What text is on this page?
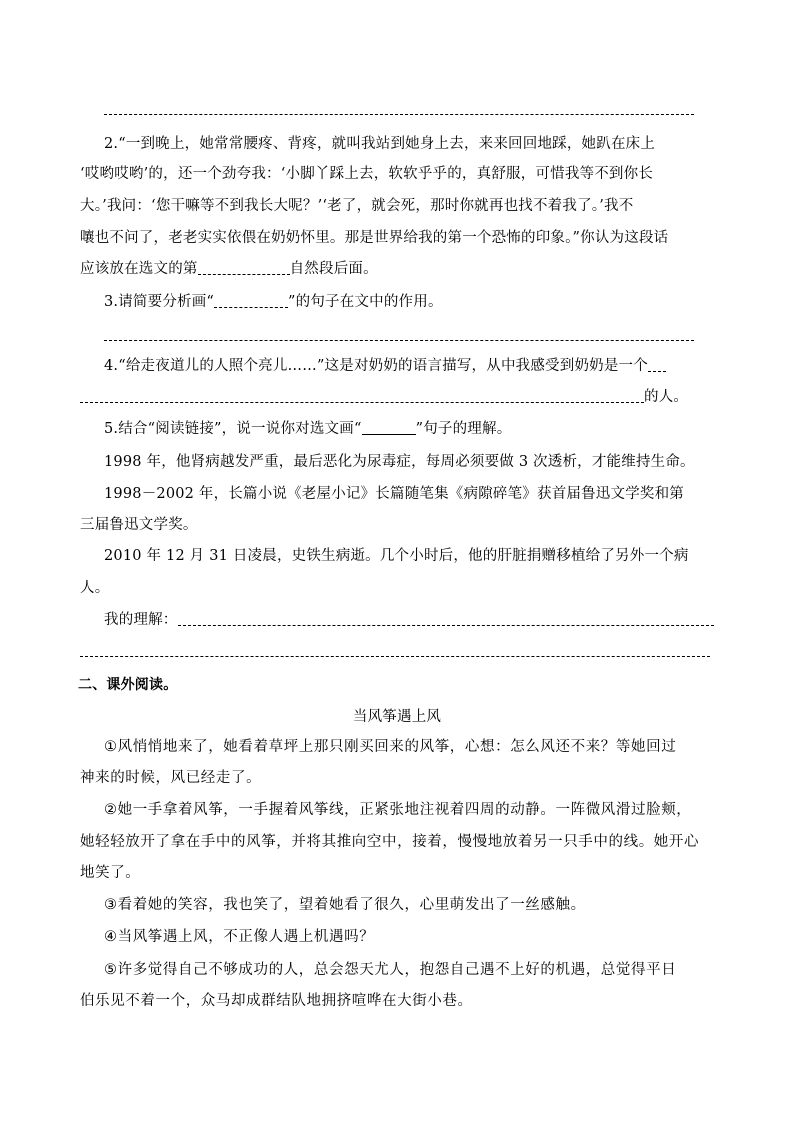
2.“一到晚上，她常常腰疼、背疼，就叫我站到她身上去，来来回回地踩，她趴在床上
‘哎哟哎哟’的，还一个劲夸我：‘小脚丫踩上去，软软乎乎的，真舒服，可惜我等不到你长
大。’我问：‘您干嘛等不到我长大呢？’‘老了，就会死，那时你就再也找不着我了。’我不
嚷也不问了，老老实实依偎在奶奶怀里。那是世界给我的第一个恐怖的印象。”你认为这段话
应该放在选文的第	自然段后面。
3.请简要分析画“	”的句子在文中的作用。
4.“给走夜道儿的人照个亮儿……”这是对奶奶的语言描写，从中我感受到奶奶是一个
的人。
5.结合“阅读链接”，说一说你对选文画“	”句子的理解。
1998 年，他肾病越发严重，最后恶化为尿毒症，每周必须要做 3 次透析，才能维持生命。
1998－2002 年，长篇小说《老屋小记》长篇随笔集《病隙碎笔》获首届鲁迅文学奖和第
三届鲁迅文学奖。
2010 年 12 月 31 日凌晨，史铁生病逝。几个小时后，他的肝脏捐赠移植给了另外一个病
人。
我的理解：
二、课外阅读。
当风筝遇上风
①风悄悄地来了，她看着草坪上那只刚买回来的风筝，心想：怎么风还不来？等她回过
神来的时候，风已经走了。
②她一手拿着风筝，一手握着风筝线，正紧张地注视着四周的动静。一阵微风滑过脸颊，
她轻轻放开了拿在手中的风筝，并将其推向空中，接着，慢慢地放着另一只手中的线。她开心
地笑了。
③看着她的笑容，我也笑了，望着她看了很久，心里萌发出了一丝感触。
④当风筝遇上风，不正像人遇上机遇吗？
⑤许多觉得自己不够成功的人，总会怨天尤人，抱怨自己遇不上好的机遇，总觉得平日
伯乐见不着一个，众马却成群结队地拥挤喧哗在大街小巷。
